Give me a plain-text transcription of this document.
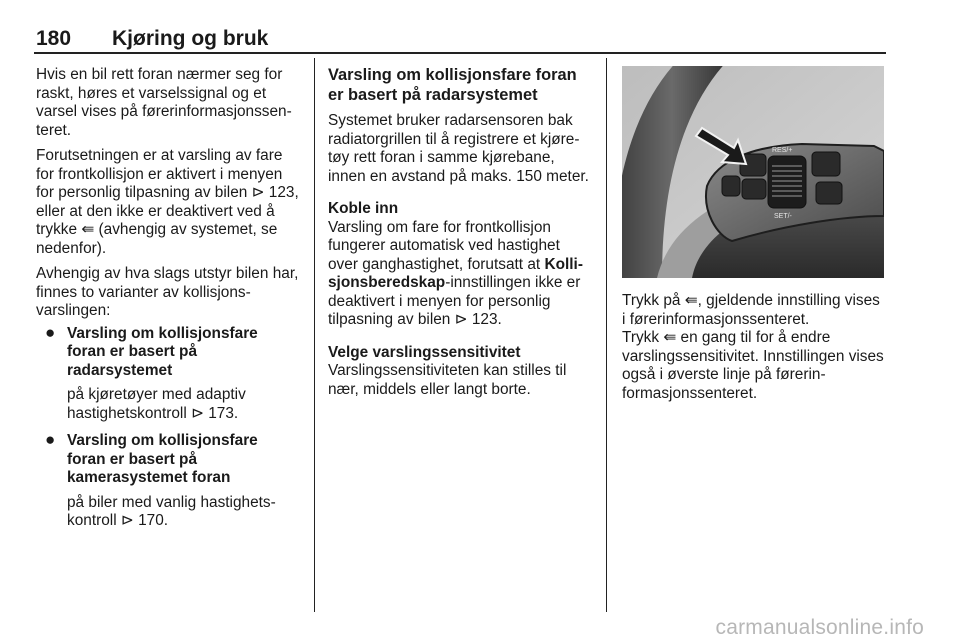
180 Kjøring og bruk

Hvis en bil rett foran nærmer seg for raskt, høres et varselssignal og et varsel vises på førerinformasjonssenteret.

Forutsetningen er at varsling av fare for frontkollisjon er aktivert i menyen for personlig tilpasning av bilen ⊳ 123, eller at den ikke er deaktivert ved å trykke ⇚ (avhengig av systemet, se nedenfor).

Avhengig av hva slags utstyr bilen har, finnes to varianter av kollisjonsvarslingen:

● Varsling om kollisjonsfare foran er basert på radarsystemet

på kjøretøyer med adaptiv hastighetskontroll ⊳ 173.

● Varsling om kollisjonsfare foran er basert på kamerasystemet foran

på biler med vanlig hastighetskontroll ⊳ 170.

Varsling om kollisjonsfare foran er basert på radarsystemet

Systemet bruker radarsensoren bak radiatorgrillen til å registrere et kjøretøy rett foran i samme kjørebane, innen en avstand på maks. 150 meter.

Koble inn

Varsling om fare for frontkollisjon fungerer automatisk ved hastighet over ganghastighet, forutsatt at Kollisjonsberedskap-innstillingen ikke er deaktivert i menyen for personlig tilpasning av bilen ⊳ 123.

Velge varslingssensitivitet

Varslingssensitiviteten kan stilles til nær, middels eller langt borte.

RES/+
SET/-

Trykk på ⇚, gjeldende innstilling vises i førerinformasjonssenteret.

Trykk ⇚ en gang til for å endre varslingssensitivitet. Innstillingen vises også i øverste linje på førerinformasjonssenteret.

carmanualsonline.info
